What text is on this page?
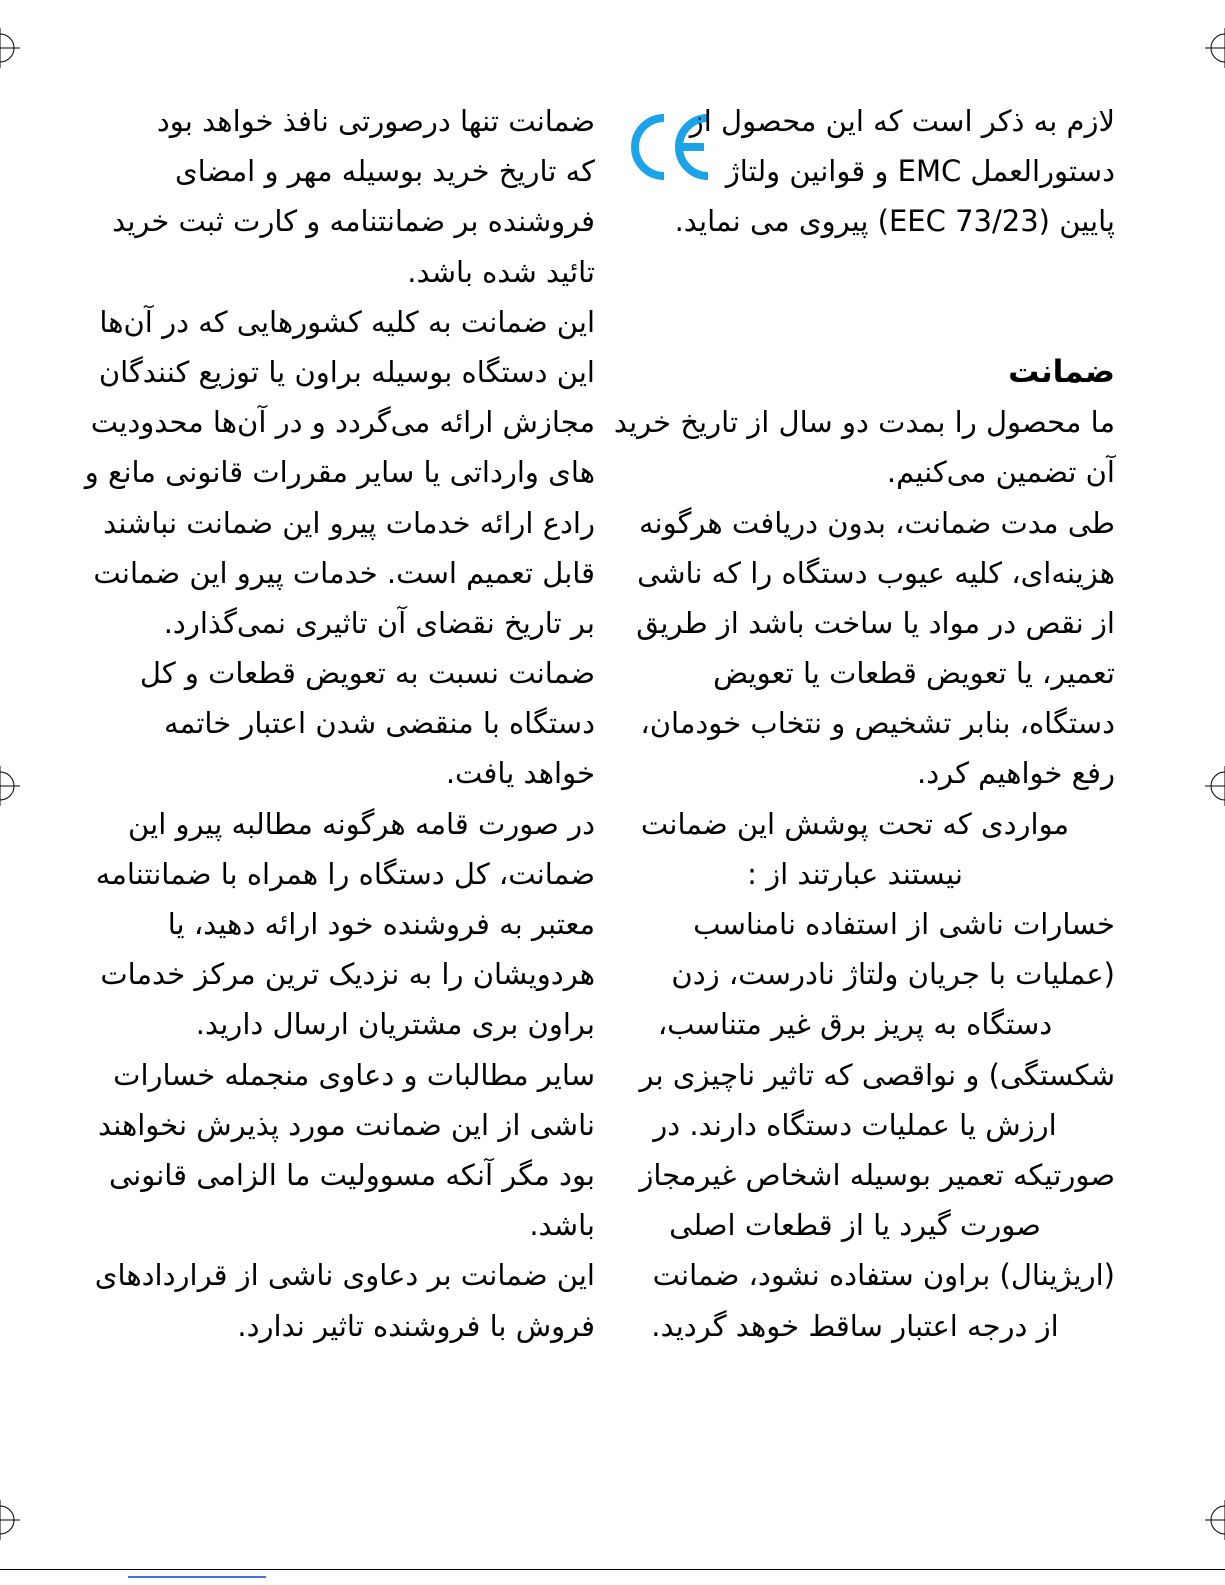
لازم به ذکر است که این محصول از
دستورالعمل EMC و قوانین ولتاژ
پایین (73/23 EEC) پیروی می نماید.
ضمانت
ما محصول را بمدت دو سال از تاریخ خرید
آن تضمین می‌کنیم.
طی مدت ضمانت، بدون دریافت هرگونه
هزینه‌ای، کلیه عیوب دستگاه را که ناشی
از نقص در مواد یا ساخت باشد از طریق
تعمیر، یا تعویض قطعات یا تعویض
دستگاه، بنابر تشخیص و نتخاب خودمان،
رفع خواهیم کرد.
مواردی که تحت پوشش این ضمانت
نیستند عبارتند از :
خسارات ناشی از استفاده نامناسب
(عملیات با جریان ولتاژ نادرست، زدن
دستگاه به پریز برق غیر متناسب،
شکستگی) و نواقصی که تاثیر ناچیزی بر
ارزش یا عملیات دستگاه دارند. در
صورتیکه تعمیر بوسیله اشخاص غیرمجاز
صورت گیرد یا از قطعات اصلی
(اریژینال) براون ستفاده نشود، ضمانت
از درجه اعتبار ساقط خوهد گردید.
ضمانت تنها درصورتی نافذ خواهد بود
که تاریخ خرید بوسیله مهر و امضای
فروشنده بر ضمانتنامه و کارت ثبت خرید
تائید شده باشد.
این ضمانت به کلیه کشورهایی که در آن‌ها
این دستگاه بوسیله براون یا توزیع کنندگان
مجازش ارائه می‌گردد و در آن‌ها محدودیت
های وارداتی یا سایر مقررات قانونی مانع و
رادع ارائه خدمات پیرو این ضمانت نباشند
قابل تعمیم است. خدمات پیرو این ضمانت
بر تاریخ نقضای آن تاثیری نمی‌گذارد.
ضمانت نسبت به تعویض قطعات و کل
دستگاه با منقضی شدن اعتبار خاتمه
خواهد یافت.
در صورت قامه هرگونه مطالبه پیرو این
ضمانت، کل دستگاه را همراه با ضمانتنامه
معتبر به فروشنده خود ارائه دهید، یا
هردویشان را به نزدیک ترین مرکز خدمات
براون بری مشتریان ارسال دارید.
سایر مطالبات و دعاوی منجمله خسارات
ناشی از این ضمانت مورد پذیرش نخواهند
بود مگر آنکه مسوولیت ما الزامی قانونی
باشد.
این ضمانت بر دعاوی ناشی از قراردادهای
فروش با فروشنده تاثیر ندارد.
